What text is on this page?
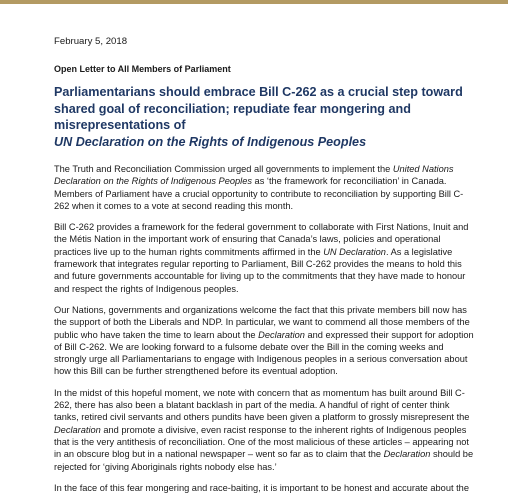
February 5, 2018

Open Letter to All Members of Parliament

Parliamentarians should embrace Bill C-262 as a crucial step toward shared goal of reconciliation; repudiate fear mongering and misrepresentations of
UN Declaration on the Rights of Indigenous Peoples

The Truth and Reconciliation Commission urged all governments to implement the United Nations Declaration on the Rights of Indigenous Peoples as ‘the framework for reconciliation’ in Canada. Members of Parliament have a crucial opportunity to contribute to reconciliation by supporting Bill C-262 when it comes to a vote at second reading this month.

Bill C-262 provides a framework for the federal government to collaborate with First Nations, Inuit and the Métis Nation in the important work of ensuring that Canada’s laws, policies and operational practices live up to the human rights commitments affirmed in the UN Declaration. As a legislative framework that integrates regular reporting to Parliament, Bill C-262 provides the means to hold this and future governments accountable for living up to the commitments that they have made to honour and respect the rights of Indigenous peoples.

Our Nations, governments and organizations welcome the fact that this private members bill now has the support of both the Liberals and NDP. In particular, we want to commend all those members of the public who have taken the time to learn about the Declaration and expressed their support for adoption of Bill C-262. We are looking forward to a fulsome debate over the Bill in the coming weeks and strongly urge all Parliamentarians to engage with Indigenous peoples in a serious conversation about how this Bill can be further strengthened before its eventual adoption.

In the midst of this hopeful moment, we note with concern that as momentum has built around Bill C-262, there has also been a blatant backlash in part of the media. A handful of right of center think tanks, retired civil servants and others pundits have been given a platform to grossly misrepresent the Declaration and promote a divisive, even racist response to the inherent rights of Indigenous peoples that is the very antithesis of reconciliation. One of the most malicious of these articles – appearing not in an obscure blog but in a national newspaper – went so far as to claim that the Declaration should be rejected for ‘giving Aboriginals rights nobody else has.’

In the face of this fear mongering and race-baiting, it is important to be honest and accurate about the
